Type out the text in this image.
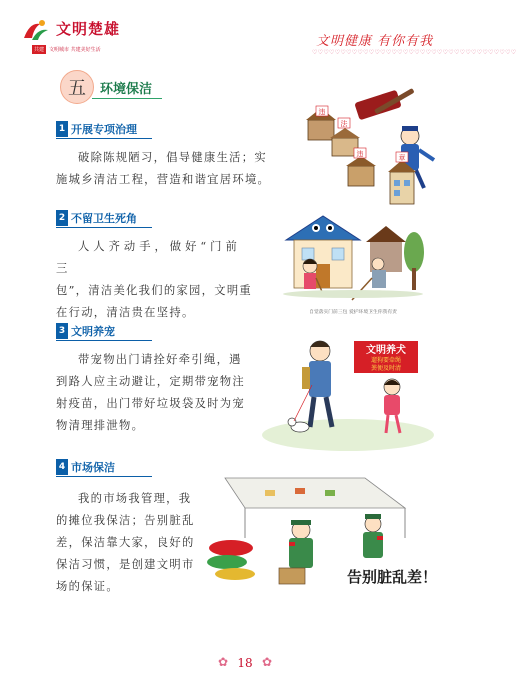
文明楚雄
共建	文明城市 共建美好生活
文明健康 有你有我
♡♡♡♡♡♡♡♡♡♡♡♡♡♡♡♡♡♡♡♡♡♡♡♡♡♡♡♡♡♡♡♡♡♡♡♡
五	环境保洁
违
法
违	章
1 开展专项治理
破除陈规陋习，倡导健康生活；实
施城乡清洁工程，营造和谐宜居环境。
2 不留卫生死角
人人齐动手，做好“门前三
包”，清洁美化我们的家园，文明重
在行动，清洁贵在坚持。	自觉落实门前三包 爱护环境卫生你我有责
3 文明养宠
带宠物出门请拴好牵引绳，遇
到路人应主动避让，定期带宠物注
射疫苗，出门带好垃圾袋及时为宠
物清理排泄物。
文明养犬
遛狗要牵绳
粪便及时清
4 市场保洁
我的市场我管理，我
的摊位我保洁；告别脏乱
差，保洁靠大家，良好的
保洁习惯，是创建文明市
场的保证。
告别脏乱差！
✿ 18 ✿
